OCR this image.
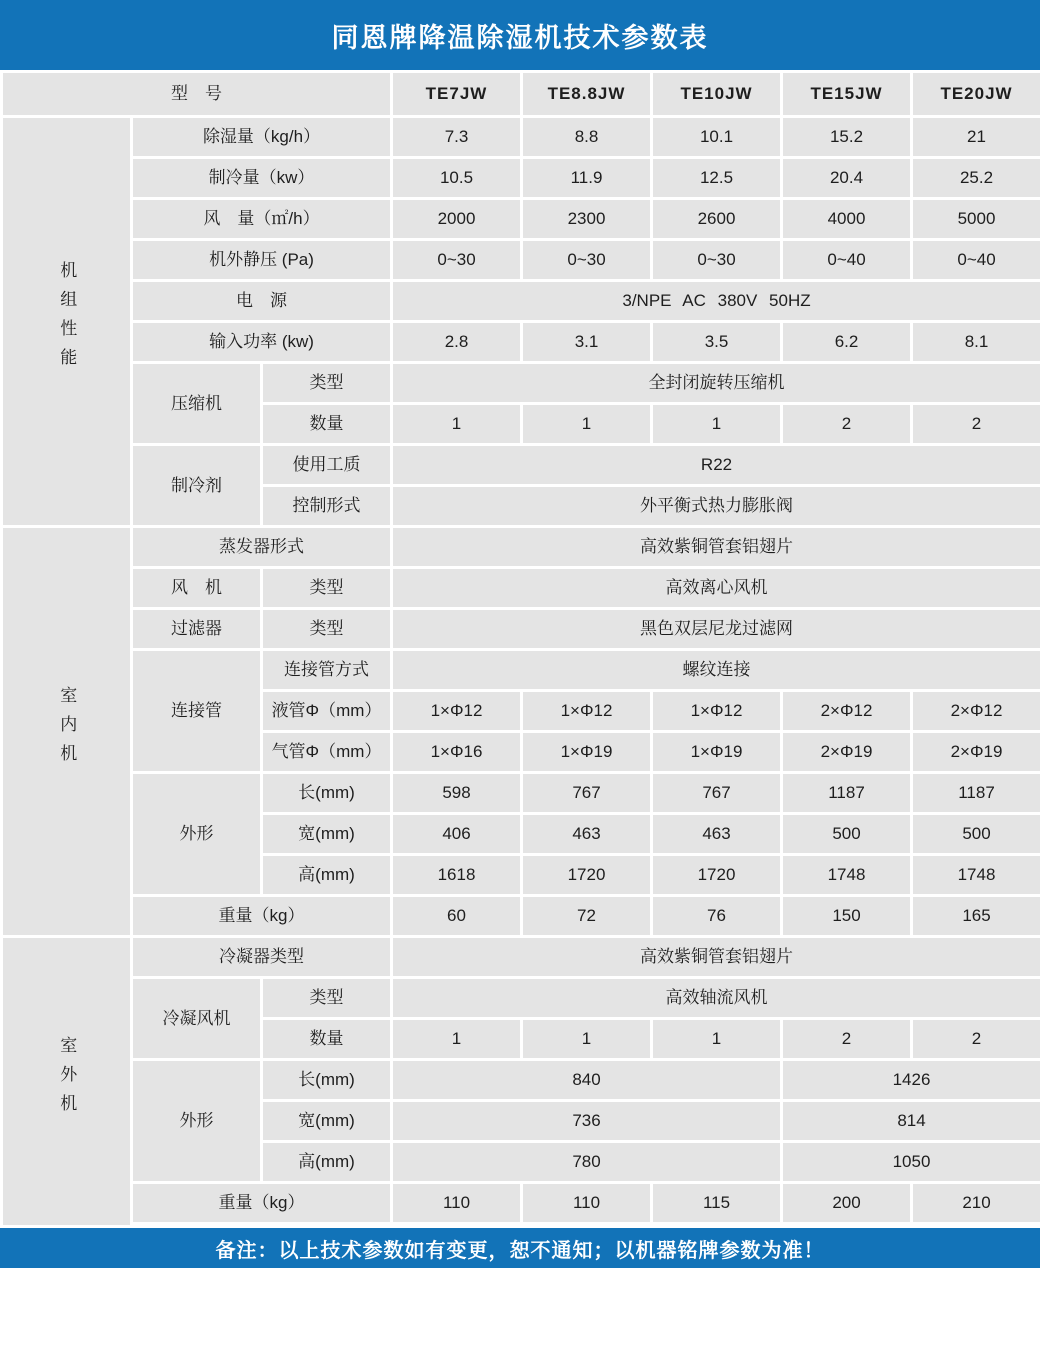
同恩牌降温除湿机技术参数表
型　号			TE7JW	TE8.8JW	TE10JW	TE15JW	TE20JW
机组性能	除湿量（kg/h）		7.3	8.8	10.1	15.2	21
	制冷量（kw）		10.5	11.9	12.5	20.4	25.2
	风　量（㎡/h）		2000	2300	2600	4000	5000
	机外静压 (Pa)		0~30	0~30	0~30	0~40	0~40
	电　源		3/NPE AC 380V 50HZ				
	输入功率 (kw)		2.8	3.1	3.5	6.2	8.1
	压缩机	类型	全封闭旋转压缩机				
		数量	1	1	1	2	2
	制冷剂	使用工质	R22				
		控制形式	外平衡式热力膨胀阀				
室内机	蒸发器形式		高效紫铜管套铝翅片				
	风　机	类型	高效离心风机				
	过滤器	类型	黑色双层尼龙过滤网				
	连接管	连接管方式	螺纹连接				
		液管Φ（mm）	1×Φ12	1×Φ12	1×Φ12	2×Φ12	2×Φ12
		气管Φ（mm）	1×Φ16	1×Φ19	1×Φ19	2×Φ19	2×Φ19
	外形	长(mm)	598	767	767	1187	1187
		宽(mm)	406	463	463	500	500
		高(mm)	1618	1720	1720	1748	1748
	重量（kg）		60	72	76	150	165
室外机	冷凝器类型		高效紫铜管套铝翅片				
	冷凝风机	类型	高效轴流风机				
		数量	1	1	1	2	2
	外形	长(mm)	840			1426	
		宽(mm)	736			814	
		高(mm)	780			1050	
	重量（kg）		110	110	115	200	210

备注：以上技术参数如有变更，恕不通知；以机器铭牌参数为准！
